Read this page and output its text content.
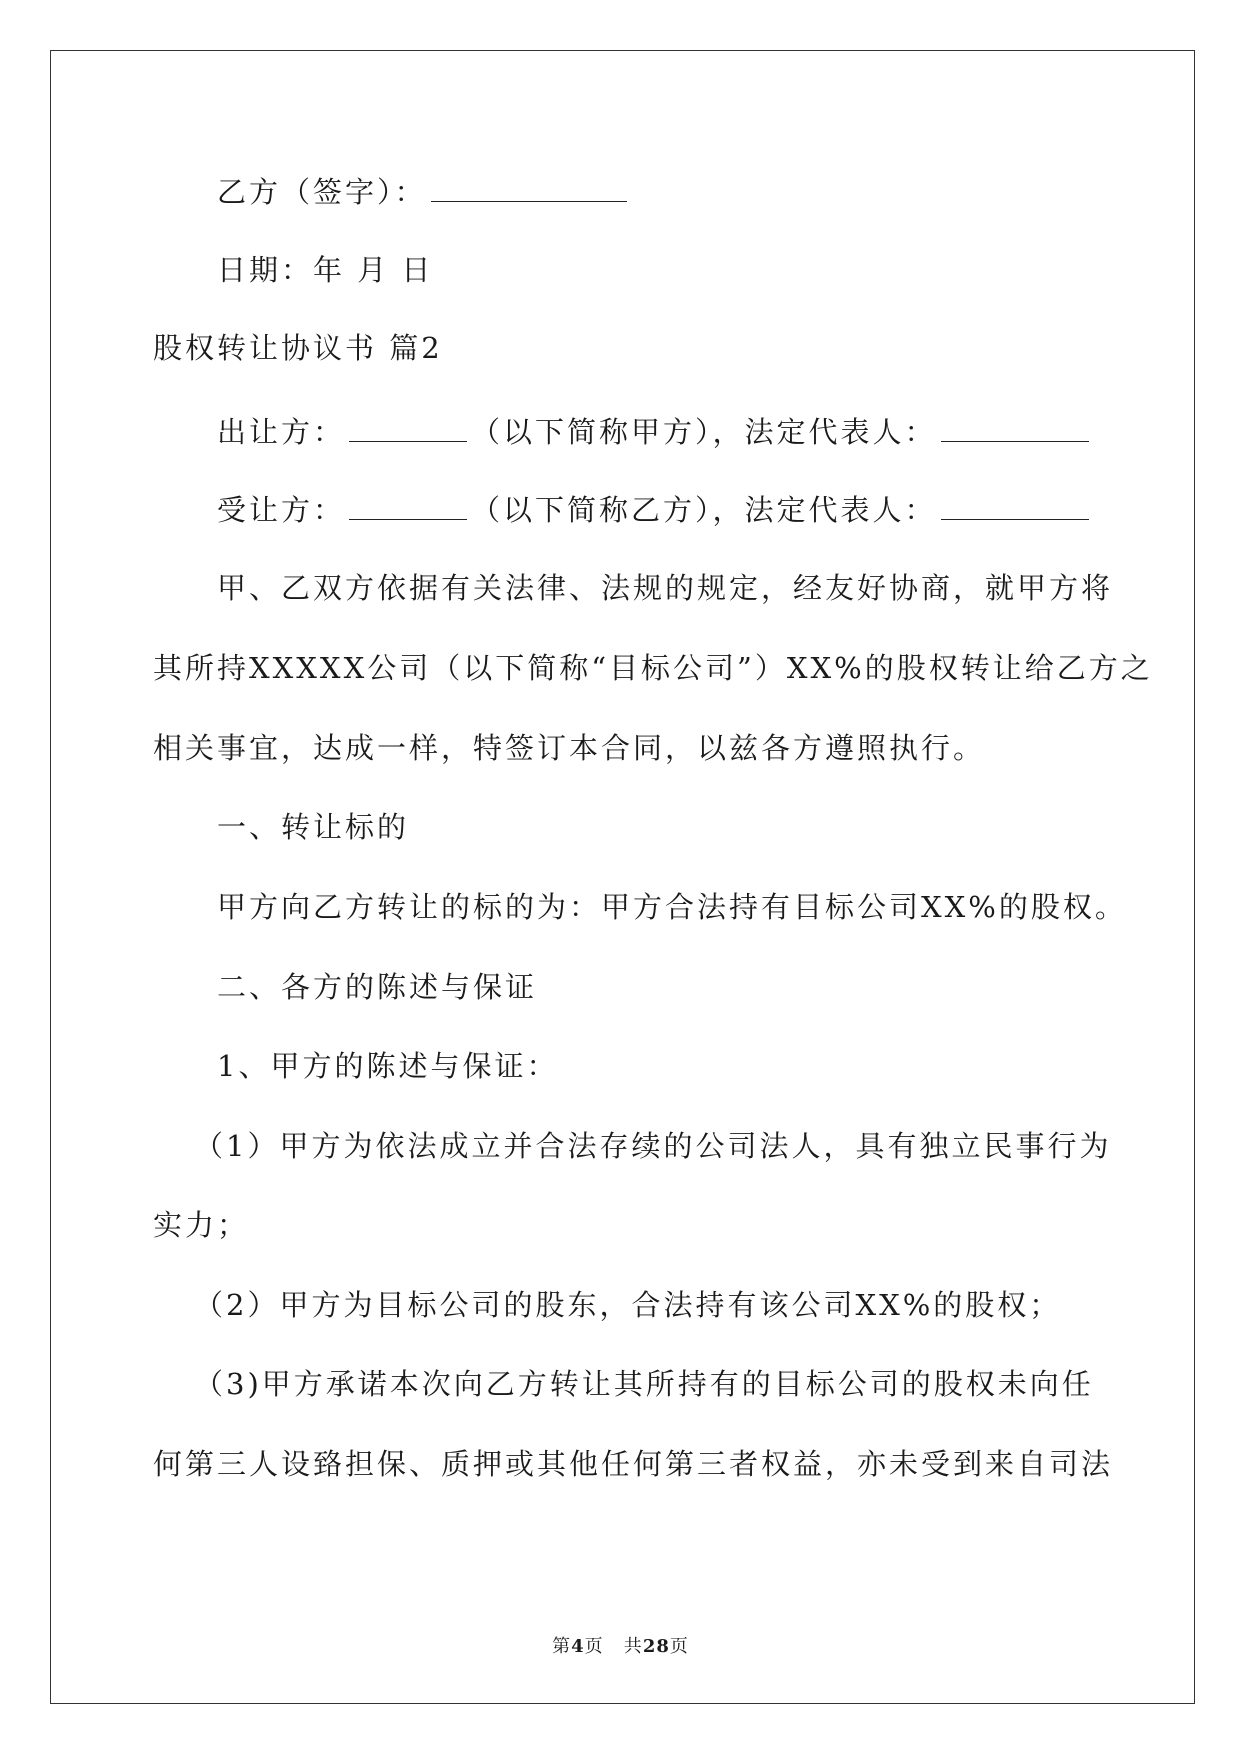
乙方（签字）：
日期：年 月 日
股权转让协议书 篇2
出让方：	（以下简称甲方），法定代表人：
受让方：	（以下简称乙方），法定代表人：
甲、乙双方依据有关法律、法规的规定，经友好协商，就甲方将
其所持XXXXX公司（以下简称“目标公司”）XX%的股权转让给乙方之
相关事宜，达成一样，特签订本合同，以兹各方遵照执行。
一、转让标的
甲方向乙方转让的标的为：甲方合法持有目标公司XX%的股权。
二、各方的陈述与保证
1、甲方的陈述与保证：
（1）甲方为依法成立并合法存续的公司法人，具有独立民事行为
实力；
（2）甲方为目标公司的股东，合法持有该公司XX%的股权；
（3)甲方承诺本次向乙方转让其所持有的目标公司的股权未向任
何第三人设臵担保、质押或其他任何第三者权益，亦未受到来自司法
第4页   共28页
